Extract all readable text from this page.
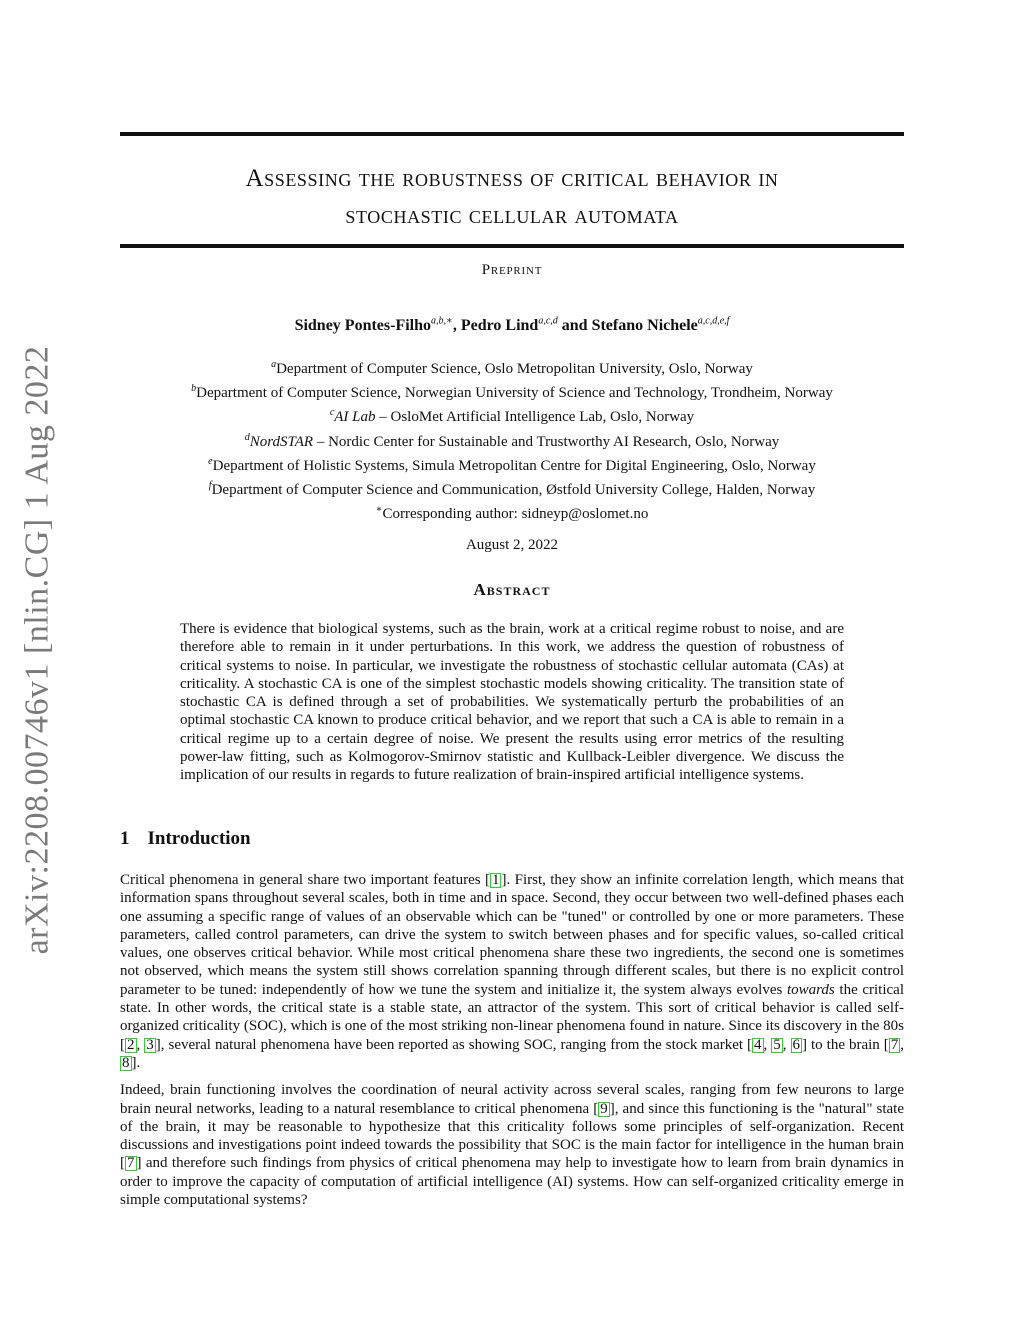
arXiv:2208.00746v1 [nlin.CG] 1 Aug 2022
Assessing the robustness of critical behavior in
stochastic cellular automata
Preprint
Sidney Pontes-Filho$^{a,b,∗}$, Pedro Lind$^{a,c,d}$ and Stefano Nichele$^{a,c,d,e,f}$
$^a$Department of Computer Science, Oslo Metropolitan University, Oslo, Norway
$^b$Department of Computer Science, Norwegian University of Science and Technology, Trondheim, Norway
$^c$AI Lab – OsloMet Artificial Intelligence Lab, Oslo, Norway
$^d$NordSTAR – Nordic Center for Sustainable and Trustworthy AI Research, Oslo, Norway
$^e$Department of Holistic Systems, Simula Metropolitan Centre for Digital Engineering, Oslo, Norway
$^f$Department of Computer Science and Communication, Østfold University College, Halden, Norway
∗Corresponding author: sidneyp@oslomet.no
August 2, 2022
Abstract
There is evidence that biological systems, such as the brain, work at a critical regime robust to noise, and are therefore able to remain in it under perturbations. In this work, we address the question of robustness of critical systems to noise. In particular, we investigate the robustness of stochastic cellular automata (CAs) at criticality. A stochastic CA is one of the simplest stochastic models showing criticality. The transition state of stochastic CA is defined through a set of probabilities. We systematically perturb the probabilities of an optimal stochastic CA known to produce critical behavior, and we report that such a CA is able to remain in a critical regime up to a certain degree of noise. We present the results using error metrics of the resulting power-law fitting, such as Kolmogorov-Smirnov statistic and Kullback-Leibler divergence. We discuss the implication of our results in regards to future realization of brain-inspired artificial intelligence systems.
1 Introduction

Critical phenomena in general share two important features [ 1 ]. First, they show an infinite correlation length, which means that information spans throughout several scales, both in time and in space. Second, they occur between two well-defined phases each one assuming a specific range of values of an observable which can be "tuned" or controlled by one or more parameters. These parameters, called control parameters, can drive the system to switch between phases and for specific values, so-called critical values, one observes critical behavior. While most critical phenomena share these two ingredients, the second one is sometimes not observed, which means the system still shows correlation spanning through different scales, but there is no explicit control parameter to be tuned: independently of how we tune the system and initialize it, the system always evolves towards the critical state. In other words, the critical state is a stable state, an attractor of the system. This sort of critical behavior is called self-organized criticality (SOC), which is one of the most striking non-linear phenomena found in nature. Since its discovery in the 80s [ 2 , 3 ], several natural phenomena have been reported as showing SOC, ranging from the stock market [ 4 , 5 , 6 ] to the brain [ 7 , 8 ].

Indeed, brain functioning involves the coordination of neural activity across several scales, ranging from few neurons to large brain neural networks, leading to a natural resemblance to critical phenomena [ 9 ], and since this functioning is the "natural" state of the brain, it may be reasonable to hypothesize that this criticality follows some principles of self-organization. Recent discussions and investigations point indeed towards the possibility that SOC is the main factor for intelligence in the human brain [ 7 ] and therefore such findings from physics of critical phenomena may help to investigate how to learn from brain dynamics in order to improve the capacity of computation of artificial intelligence (AI) systems. How can self-organized criticality emerge in simple computational systems?
